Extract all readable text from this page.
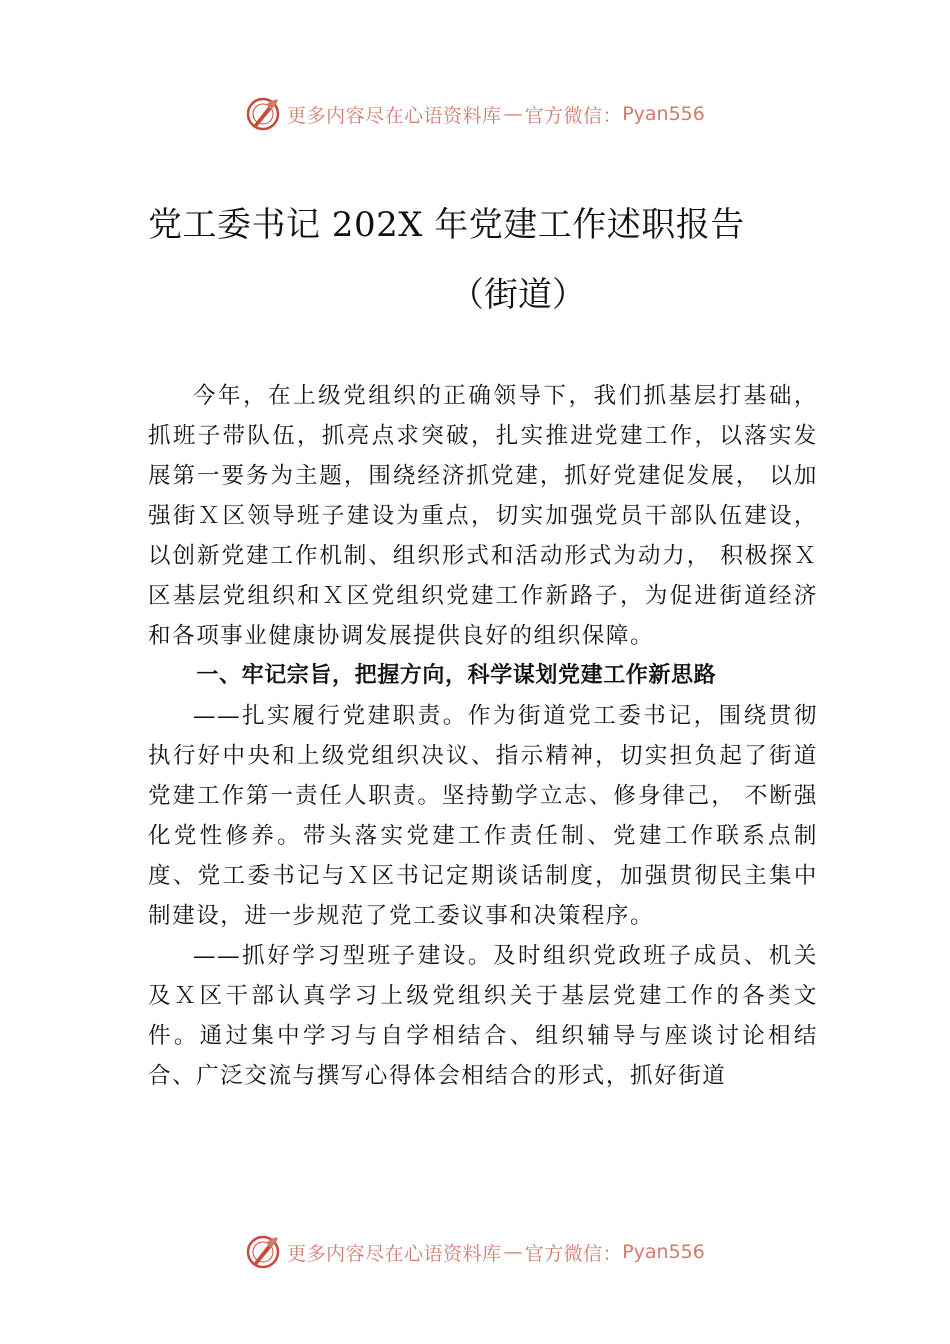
更多内容尽在心语资料库 — 官方微信： Pyan556
党工委书记 202X 年党建工作述职报告
（街道）

今年，在上级党组织的正确领导下，我们抓基层打基础，抓班子带队伍，抓亮点求突破，扎实推进党建工作，以落实发展第一要务为主题，围绕经济抓党建，抓好党建促发展， 以加强街Ｘ区领导班子建设为重点，切实加强党员干部队伍建设，以创新党建工作机制、组织形式和活动形式为动力， 积极探Ｘ区基层党组织和Ｘ区党组织党建工作新路子，为促进街道经济和各项事业健康协调发展提供良好的组织保障。

一、牢记宗旨，把握方向，科学谋划党建工作新思路

——扎实履行党建职责。作为街道党工委书记，围绕贯彻执行好中央和上级党组织决议、指示精神，切实担负起了街道党建工作第一责任人职责。坚持勤学立志、修身律己， 不断强化党性修养。带头落实党建工作责任制、党建工作联系点制度、党工委书记与Ｘ区书记定期谈话制度，加强贯彻民主集中制建设，进一步规范了党工委议事和决策程序。

——抓好学习型班子建设。及时组织党政班子成员、机关及Ｘ区干部认真学习上级党组织关于基层党建工作的各类文件。通过集中学习与自学相结合、组织辅导与座谈讨论相结合、广泛交流与撰写心得体会相结合的形式，抓好街道

更多内容尽在心语资料库 — 官方微信： Pyan556
